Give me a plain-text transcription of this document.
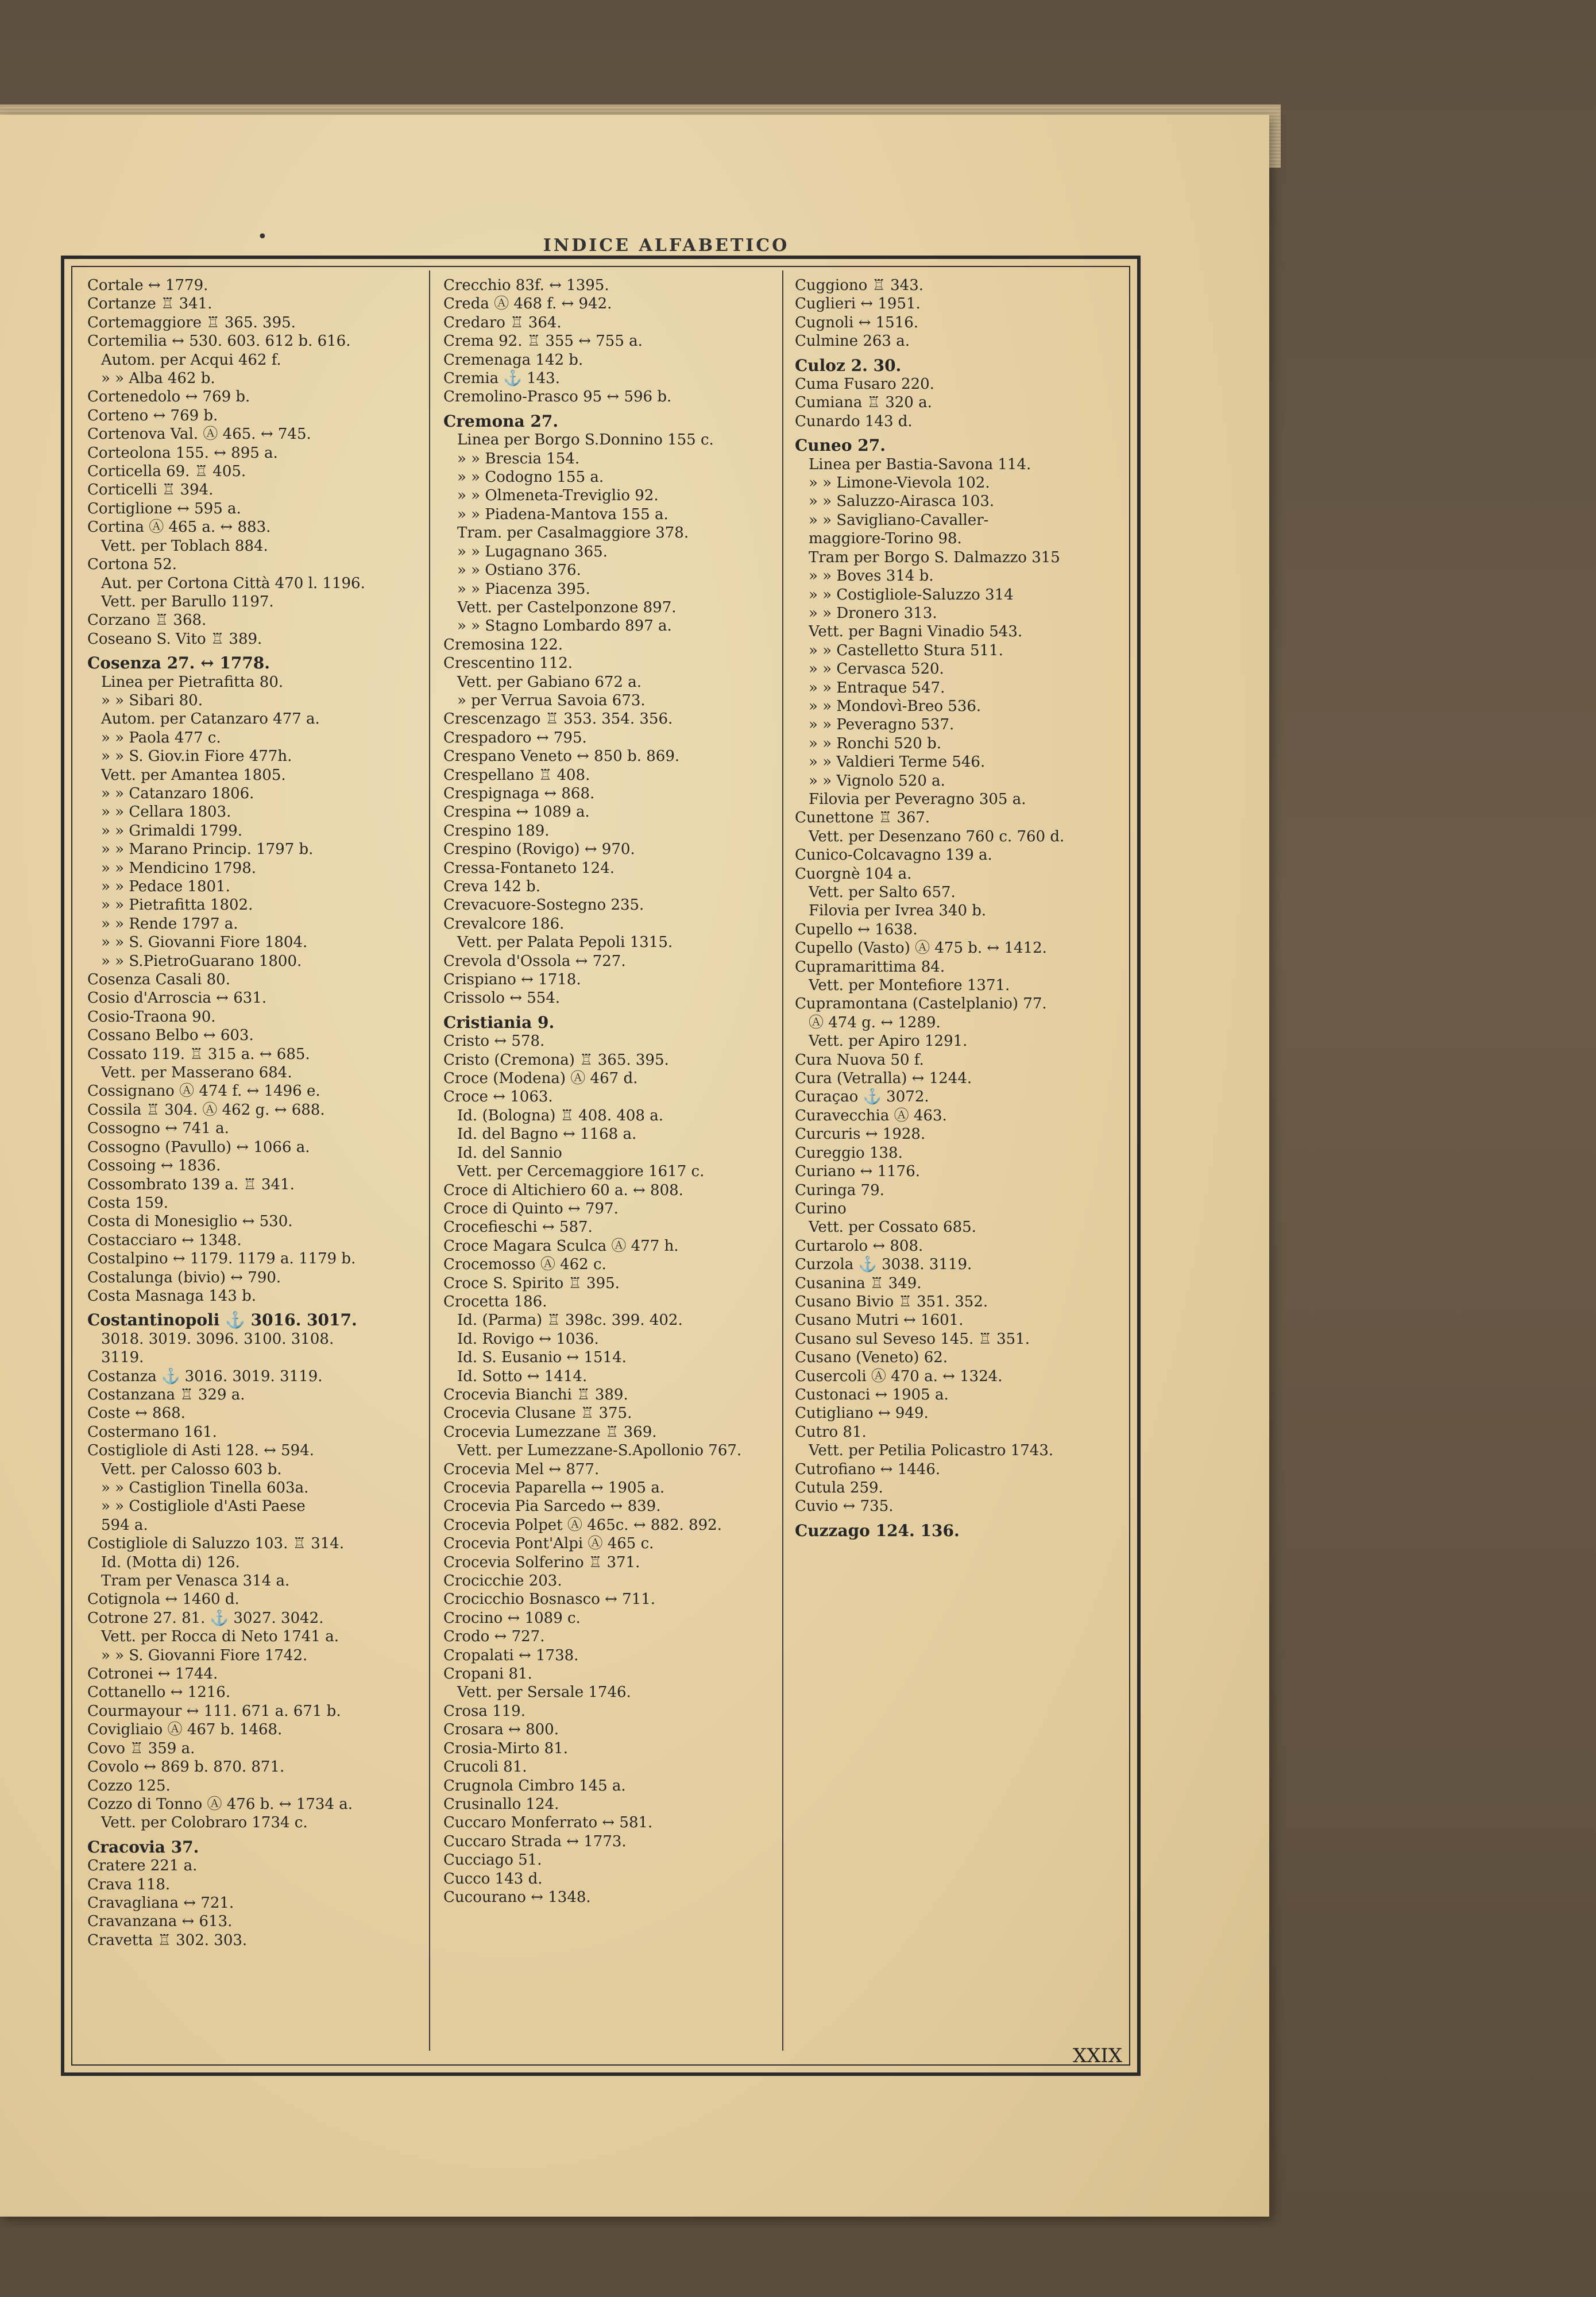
•	INDICE ALFABETICO
Cortale ↔ 1779.
Cortanze ♖ 341.
Cortemaggiore ♖ 365. 395.
Cortemilia ↔ 530. 603. 612 b. 616.
Autom. per Acqui 462 f.
» » Alba 462 b.
Cortenedolo ↔ 769 b.
Corteno ↔ 769 b.
Cortenova Val. Ⓐ 465. ↔ 745.
Corteolona 155. ↔ 895 a.
Corticella 69. ♖ 405.
Corticelli ♖ 394.
Cortiglione ↔ 595 a.
Cortina Ⓐ 465 a. ↔ 883.
Vett. per Toblach 884.
Cortona 52.
Aut. per Cortona Città 470 l. 1196.
Vett. per Barullo 1197.
Corzano ♖ 368.
Coseano S. Vito ♖ 389.
Cosenza 27. ↔ 1778.
Linea per Pietrafitta 80.
» » Sibari 80.
Autom. per Catanzaro 477 a.
» » Paola 477 c.
» » S. Giov.in Fiore 477h.
Vett. per Amantea 1805.
» » Catanzaro 1806.
» » Cellara 1803.
» » Grimaldi 1799.
» » Marano Princip. 1797 b.
» » Mendicino 1798.
» » Pedace 1801.
» » Pietrafitta 1802.
» » Rende 1797 a.
» » S. Giovanni Fiore 1804.
» » S.PietroGuarano 1800.
Cosenza Casali 80.
Cosio d'Arroscia ↔ 631.
Cosio-Traona 90.
Cossano Belbo ↔ 603.
Cossato 119. ♖ 315 a. ↔ 685.
Vett. per Masserano 684.
Cossignano Ⓐ 474 f. ↔ 1496 e.
Cossila ♖ 304. Ⓐ 462 g. ↔ 688.
Cossogno ↔ 741 a.
Cossogno (Pavullo) ↔ 1066 a.
Cossoing ↔ 1836.
Cossombrato 139 a. ♖ 341.
Costa 159.
Costa di Monesiglio ↔ 530.
Costacciaro ↔ 1348.
Costalpino ↔ 1179. 1179 a. 1179 b.
Costalunga (bivio) ↔ 790.
Costa Masnaga 143 b.
Costantinopoli ⚓ 3016. 3017.
3018. 3019. 3096. 3100. 3108.
3119.
Costanza ⚓ 3016. 3019. 3119.
Costanzana ♖ 329 a.
Coste ↔ 868.
Costermano 161.
Costigliole di Asti 128. ↔ 594.
Vett. per Calosso 603 b.
» » Castiglion Tinella 603a.
» » Costigliole d'Asti Paese
594 a.
Costigliole di Saluzzo 103. ♖ 314.
Id. (Motta di) 126.
Tram per Venasca 314 a.
Cotignola ↔ 1460 d.
Cotrone 27. 81. ⚓ 3027. 3042.
Vett. per Rocca di Neto 1741 a.
» » S. Giovanni Fiore 1742.
Cotronei ↔ 1744.
Cottanello ↔ 1216.
Courmayour ↔ 111. 671 a. 671 b.
Covigliaio Ⓐ 467 b. 1468.
Covo ♖ 359 a.
Covolo ↔ 869 b. 870. 871.
Cozzo 125.
Cozzo di Tonno Ⓐ 476 b. ↔ 1734 a.
Vett. per Colobraro 1734 c.
Cracovia 37.
Cratere 221 a.
Crava 118.
Cravagliana ↔ 721.
Cravanzana ↔ 613.
Cravetta ♖ 302. 303.
Crecchio 83f. ↔ 1395.
Creda Ⓐ 468 f. ↔ 942.
Credaro ♖ 364.
Crema 92. ♖ 355 ↔ 755 a.
Cremenaga 142 b.
Cremia ⚓ 143.
Cremolino-Prasco 95 ↔ 596 b.
Cremona 27.
Linea per Borgo S.Donnino 155 c.
» » Brescia 154.
» » Codogno 155 a.
» » Olmeneta-Treviglio 92.
» » Piadena-Mantova 155 a.
Tram. per Casalmaggiore 378.
» » Lugagnano 365.
» » Ostiano 376.
» » Piacenza 395.
Vett. per Castelponzone 897.
» » Stagno Lombardo 897 a.
Cremosina 122.
Crescentino 112.
Vett. per Gabiano 672 a.
» per Verrua Savoia 673.
Crescenzago ♖ 353. 354. 356.
Crespadoro ↔ 795.
Crespano Veneto ↔ 850 b. 869.
Crespellano ♖ 408.
Crespignaga ↔ 868.
Crespina ↔ 1089 a.
Crespino 189.
Crespino (Rovigo) ↔ 970.
Cressa-Fontaneto 124.
Creva 142 b.
Crevacuore-Sostegno 235.
Crevalcore 186.
Vett. per Palata Pepoli 1315.
Crevola d'Ossola ↔ 727.
Crispiano ↔ 1718.
Crissolo ↔ 554.
Cristiania 9.
Cristo ↔ 578.
Cristo (Cremona) ♖ 365. 395.
Croce (Modena) Ⓐ 467 d.
Croce ↔ 1063.
Id. (Bologna) ♖ 408. 408 a.
Id. del Bagno ↔ 1168 a.
Id. del Sannio
Vett. per Cercemaggiore 1617 c.
Croce di Altichiero 60 a. ↔ 808.
Croce di Quinto ↔ 797.
Crocefieschi ↔ 587.
Croce Magara Sculca Ⓐ 477 h.
Crocemosso Ⓐ 462 c.
Croce S. Spirito ♖ 395.
Crocetta 186.
Id. (Parma) ♖ 398c. 399. 402.
Id. Rovigo ↔ 1036.
Id. S. Eusanio ↔ 1514.
Id. Sotto ↔ 1414.
Crocevia Bianchi ♖ 389.
Crocevia Clusane ♖ 375.
Crocevia Lumezzane ♖ 369.
Vett. per Lumezzane-S.Apollonio 767.
Crocevia Mel ↔ 877.
Crocevia Paparella ↔ 1905 a.
Crocevia Pia Sarcedo ↔ 839.
Crocevia Polpet Ⓐ 465c. ↔ 882. 892.
Crocevia Pont'Alpi Ⓐ 465 c.
Crocevia Solferino ♖ 371.
Crocicchie 203.
Crocicchio Bosnasco ↔ 711.
Crocino ↔ 1089 c.
Crodo ↔ 727.
Cropalati ↔ 1738.
Cropani 81.
Vett. per Sersale 1746.
Crosa 119.
Crosara ↔ 800.
Crosia-Mirto 81.
Crucoli 81.
Crugnola Cimbro 145 a.
Crusinallo 124.
Cuccaro Monferrato ↔ 581.
Cuccaro Strada ↔ 1773.
Cucciago 51.
Cucco 143 d.
Cucourano ↔ 1348.
Cuggiono ♖ 343.
Cuglieri ↔ 1951.
Cugnoli ↔ 1516.
Culmine 263 a.
Culoz 2. 30.
Cuma Fusaro 220.
Cumiana ♖ 320 a.
Cunardo 143 d.
Cuneo 27.
Linea per Bastia-Savona 114.
» » Limone-Vievola 102.
» » Saluzzo-Airasca 103.
» » Savigliano-Cavaller-
maggiore-Torino 98.
Tram per Borgo S. Dalmazzo 315
» » Boves 314 b.
» » Costigliole-Saluzzo 314
» » Dronero 313.
Vett. per Bagni Vinadio 543.
» » Castelletto Stura 511.
» » Cervasca 520.
» » Entraque 547.
» » Mondovì-Breo 536.
» » Peveragno 537.
» » Ronchi 520 b.
» » Valdieri Terme 546.
» » Vignolo 520 a.
Filovia per Peveragno 305 a.
Cunettone ♖ 367.
Vett. per Desenzano 760 c. 760 d.
Cunico-Colcavagno 139 a.
Cuorgnè 104 a.
Vett. per Salto 657.
Filovia per Ivrea 340 b.
Cupello ↔ 1638.
Cupello (Vasto) Ⓐ 475 b. ↔ 1412.
Cupramarittima 84.
Vett. per Montefiore 1371.
Cupramontana (Castelplanio) 77.
Ⓐ 474 g. ↔ 1289.
Vett. per Apiro 1291.
Cura Nuova 50 f.
Cura (Vetralla) ↔ 1244.
Curaçao ⚓ 3072.
Curavecchia Ⓐ 463.
Curcuris ↔ 1928.
Cureggio 138.
Curiano ↔ 1176.
Curinga 79.
Curino
Vett. per Cossato 685.
Curtarolo ↔ 808.
Curzola ⚓ 3038. 3119.
Cusanina ♖ 349.
Cusano Bivio ♖ 351. 352.
Cusano Mutri ↔ 1601.
Cusano sul Seveso 145. ♖ 351.
Cusano (Veneto) 62.
Cusercoli Ⓐ 470 a. ↔ 1324.
Custonaci ↔ 1905 a.
Cutigliano ↔ 949.
Cutro 81.
Vett. per Petilia Policastro 1743.
Cutrofiano ↔ 1446.
Cutula 259.
Cuvio ↔ 735.
Cuzzago 124. 136.
XXIX
